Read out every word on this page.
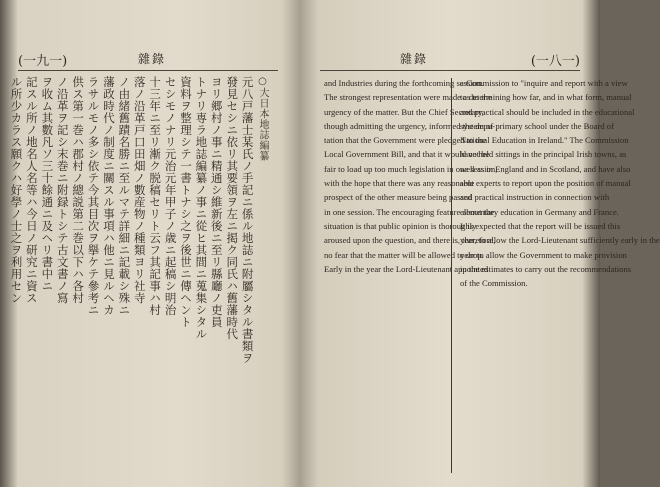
(一九一)	雜錄
○大日本地誌編纂
元八戸藩士某氏ノ手記ニ係ル地誌ニ附屬シタル書類ヲ
發見セシニ依リ其要領ヲ左ニ掲ク同氏ハ舊藩時代
ヨリ郷村ノ事ニ精通シ維新後ニ至リ縣廳ノ吏員
トナリ専ラ地誌編纂ノ事ニ從ヒ其間ニ蒐集シタル
資料ヲ整理シテ一書トナシ之ヲ後世ニ傳ヘント
セシモノナリ元治元年甲子ノ歳ニ起稿シ明治
十三年ニ至リ漸ク脱稿セリト云フ其記事ハ村
落ノ沿革戸口田畑ノ數産物ノ種類ヨリ社寺
ノ由緒舊蹟名勝ニ至ルマテ詳細ニ記載シ殊ニ
藩政時代ノ制度ニ關スル事項ハ他ニ見ルヘカ
ラサルモノ多シ依テ今其目次ヲ擧ケテ參考ニ
供ス第一巻ハ郡村ノ總説第二巻以下ハ各村
ノ沿革ヲ記シ末巻ニ附録トシテ古文書ノ寫
ヲ收ム其數凡ソ三十餘通ニ及ヘリ書中ニ
記スル所ノ地名人名等ハ今日ノ研究ニ資ス
ル所少カラス願クハ好學ノ士之ヲ利用セン
雜錄	(一八一)

and Industries during the forthcoming session.

The strongest representation were made as to the

urgency of the matter. But the Chief Secretary,

though admitting the urgency, informed the depu-

tation that the Government were pledged to the

Local Government Bill, and that it would not be

fair to load up too much legislation in one session,

with the hope that there was any reasonable

prospect of the other measure being passed

in one session. The encouraging feature about the

situation is that public opinion is thoroughly

aroused upon the question, and there is, therefore,

no fear that the matter will be allowed to drop.

Early in the year the Lord-Lieutenant appointed

a Commission to "inquire and report with a view

to determining how far, and in what form, manual

and practical should be included in the educational

system of primary school under the Board of

National Education in Ireland." The Commission

have held sittings in the principal Irish towns, as

well as in England and in Scotland, and have also

sent experts to report upon the position of manual

and practical instruction in connection with

elementary education in Germany and France.

It is expected that the report will be issued this

year, to allow the Lord-Lieutenant sufficiently early in the

year to allow the Government to make provision

in the estimates to carry out the recommendations

of the Commission.
